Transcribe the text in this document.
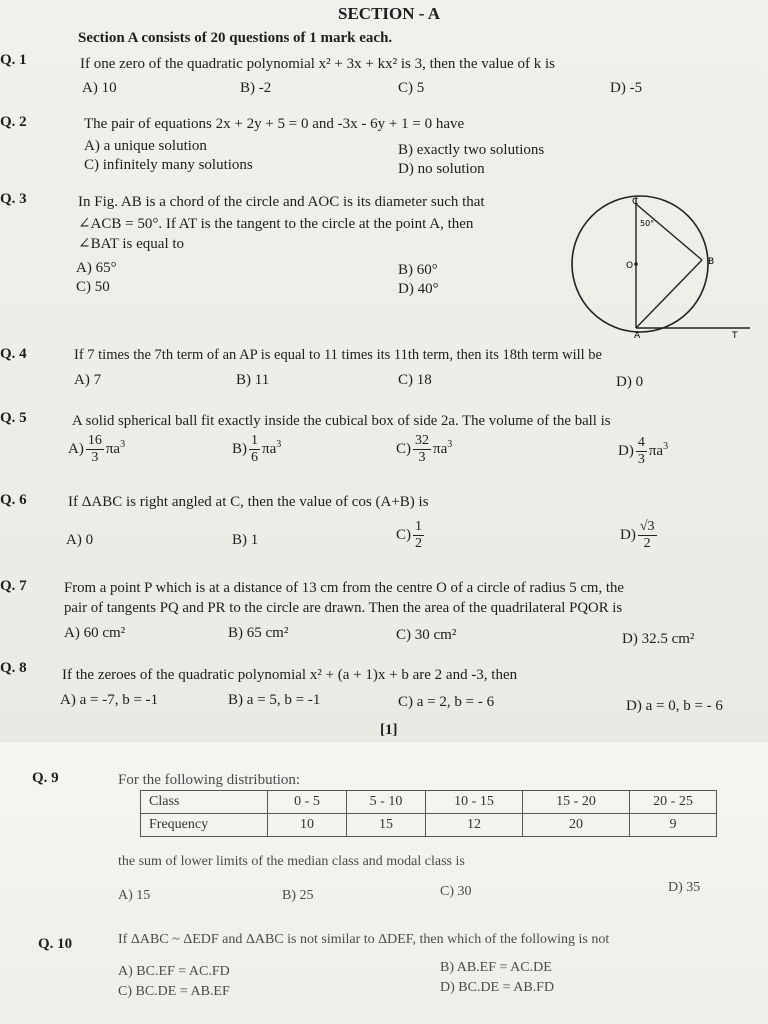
SECTION - A
Section A consists of 20 questions of 1 mark each.
Q. 1	If one zero of the quadratic polynomial x² + 3x + kx² is 3, then the value of k is
A) 10	B) -2	C) 5	D) -5
Q. 2	The pair of equations 2x + 2y + 5 = 0 and -3x - 6y + 1 = 0 have
A) a unique solution
C) infinitely many solutions
B) exactly two solutions
D) no solution
Q. 3	In Fig. AB is a chord of the circle and AOC is its diameter such that
∠ACB = 50°. If AT is the tangent to the circle at the point A, then
∠BAT is equal to
A) 65°
C) 50
B) 60°
D) 40°
C
O	B
A	T
50°
Q. 4	If 7 times the 7th term of an AP is equal to 11 times its 11th term, then its 18th term will be
A) 7	B) 11	C) 18	D) 0
Q. 5	A solid spherical ball fit exactly inside the cubical box of side 2a. The volume of the ball is
$A) \frac{16}{3} \pi a^3$	$B) \frac{1}{6} \pi a^3$	$C) \frac{32}{3} \pi a^3$	$D) \frac{4}{3} \pi a^3$
Q. 6	If ΔABC is right angled at C, then the value of cos (A+B) is
A) 0	B) 1	$C) \frac{1}{2}$	$D) \frac{√3}{2}$
Q. 7	From a point P which is at a distance of 13 cm from the centre O of a circle of radius 5 cm, the
pair of tangents PQ and PR to the circle are drawn. Then the area of the quadrilateral PQOR is
A) 60 cm²	B) 65 cm²	C) 30 cm²	D) 32.5 cm²
Q. 8 If the zeroes of the quadratic polynomial x² + (a + 1)x + b are 2 and -3, then
A) a = -7, b = -1	B) a = 5, b = -1	C) a = 2, b = - 6	D) a = 0, b = - 6
[1]
Q. 9	For the following distribution:
Class	0 - 5	5 - 10	10 - 15	15 - 20	20 - 25
Frequency	10	15	12	20	9
the sum of lower limits of the median class and modal class is
A) 15	B) 25	C) 30	D) 35
Q. 10	If ΔABC ~ ΔEDF and ΔABC is not similar to ΔDEF, then which of the following is not
A) BC.EF = AC.FD
C) BC.DE = AB.EF
B) AB.EF = AC.DE
D) BC.DE = AB.FD
